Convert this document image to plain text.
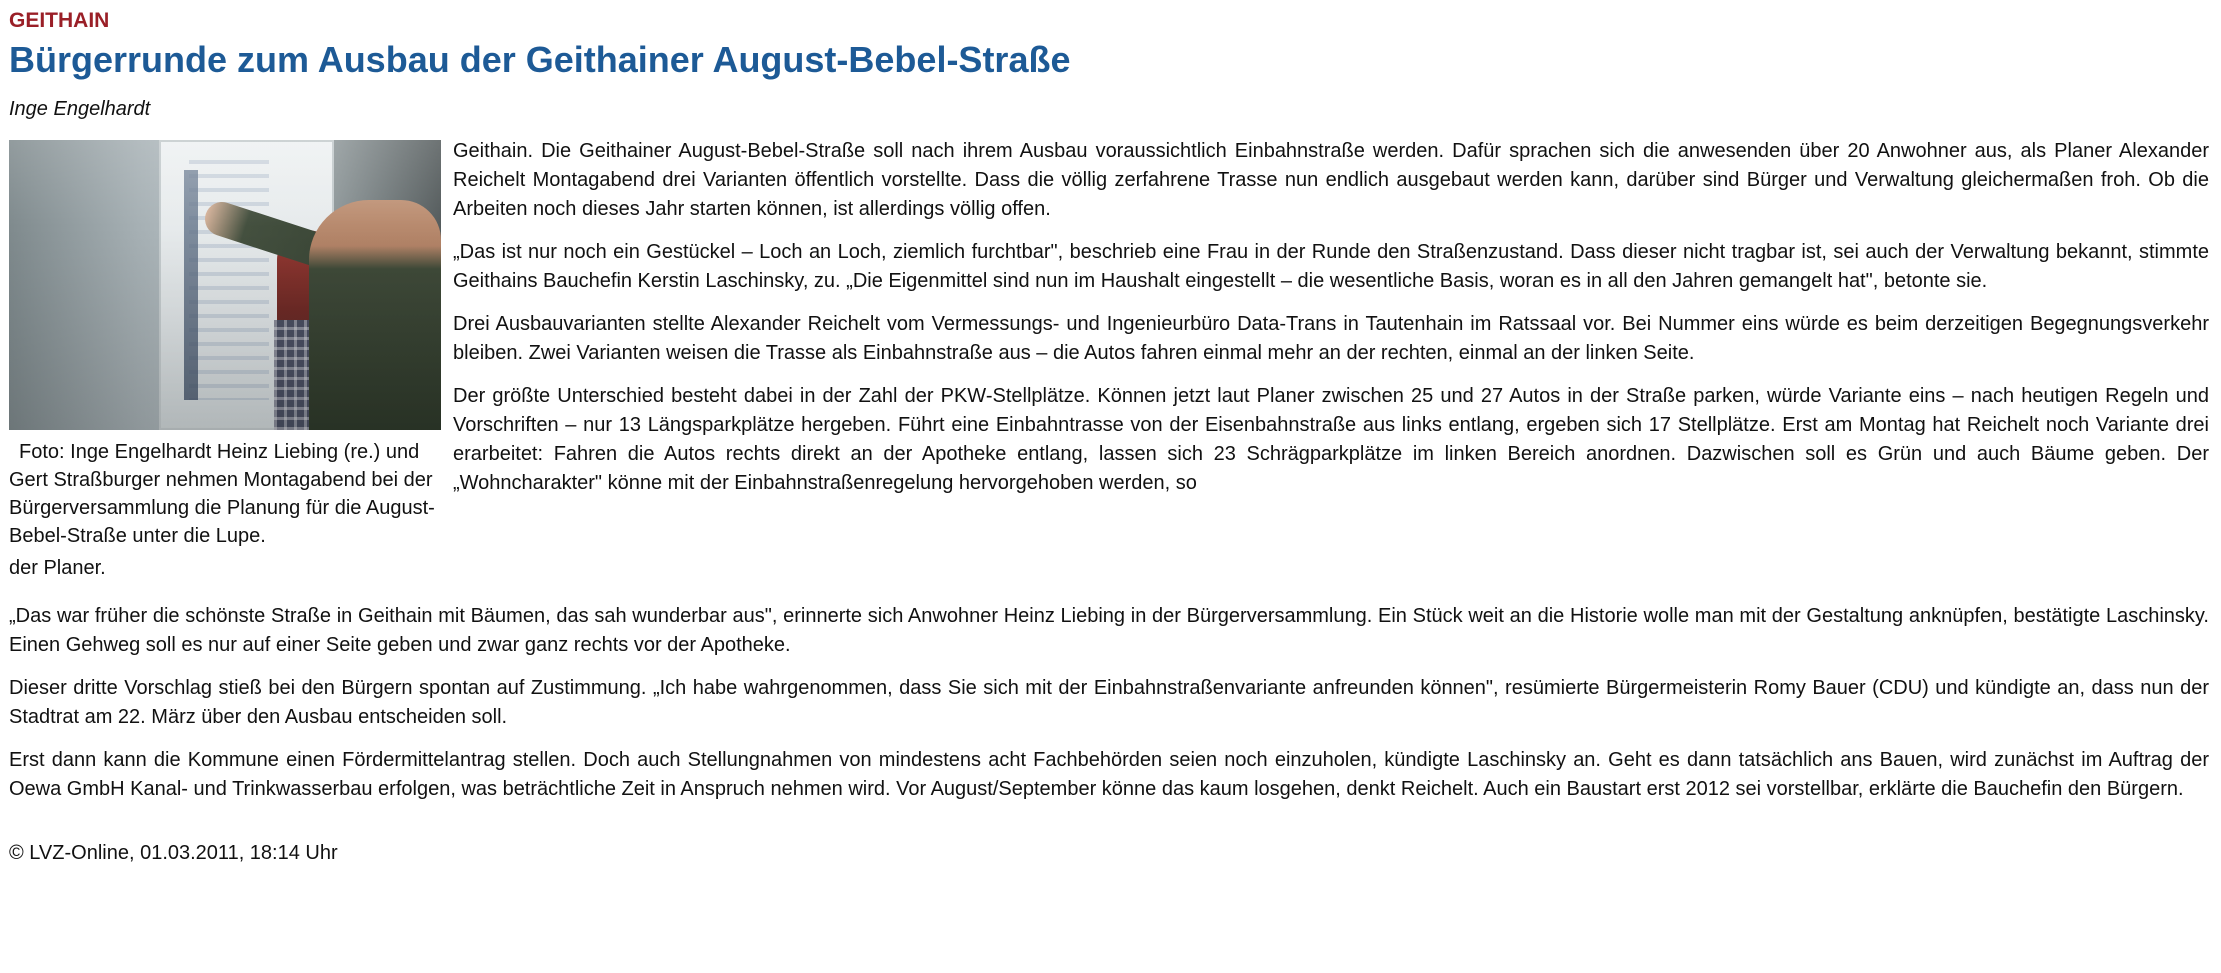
GEITHAIN
Bürgerrunde zum Ausbau der Geithainer August-Bebel-Straße
Inge Engelhardt
Foto: Inge Engelhardt Heinz Liebing (re.) und Gert Straßburger nehmen Montagabend bei der Bürgerversammlung die Planung für die August-Bebel-Straße unter die Lupe.
der Planer.

Geithain. Die Geithainer August-Bebel-Straße soll nach ihrem Ausbau voraussichtlich Einbahnstraße werden. Dafür sprachen sich die anwesenden über 20 Anwohner aus, als Planer Alexander Reichelt Montagabend drei Varianten öffentlich vorstellte. Dass die völlig zerfahrene Trasse nun endlich ausgebaut werden kann, darüber sind Bürger und Verwaltung gleichermaßen froh. Ob die Arbeiten noch dieses Jahr starten können, ist allerdings völlig offen.

„Das ist nur noch ein Gestückel – Loch an Loch, ziemlich furchtbar", beschrieb eine Frau in der Runde den Straßenzustand. Dass dieser nicht tragbar ist, sei auch der Verwaltung bekannt, stimmte Geithains Bauchefin Kerstin Laschinsky, zu. „Die Eigenmittel sind nun im Haushalt eingestellt – die wesentliche Basis, woran es in all den Jahren gemangelt hat", betonte sie.

Drei Ausbauvarianten stellte Alexander Reichelt vom Vermessungs- und Ingenieurbüro Data-Trans in Tautenhain im Ratssaal vor. Bei Nummer eins würde es beim derzeitigen Begegnungsverkehr bleiben. Zwei Varianten weisen die Trasse als Einbahnstraße aus – die Autos fahren einmal mehr an der rechten, einmal an der linken Seite.

Der größte Unterschied besteht dabei in der Zahl der PKW-Stellplätze. Können jetzt laut Planer zwischen 25 und 27 Autos in der Straße parken, würde Variante eins – nach heutigen Regeln und Vorschriften – nur 13 Längsparkplätze hergeben. Führt eine Einbahntrasse von der Eisenbahnstraße aus links entlang, ergeben sich 17 Stellplätze. Erst am Montag hat Reichelt noch Variante drei erarbeitet: Fahren die Autos rechts direkt an der Apotheke entlang, lassen sich 23 Schrägparkplätze im linken Bereich anordnen. Dazwischen soll es Grün und auch Bäume geben. Der „Wohncharakter" könne mit der Einbahnstraßenregelung hervorgehoben werden, so

„Das war früher die schönste Straße in Geithain mit Bäumen, das sah wunderbar aus", erinnerte sich Anwohner Heinz Liebing in der Bürgerversammlung. Ein Stück weit an die Historie wolle man mit der Gestaltung anknüpfen, bestätigte Laschinsky. Einen Gehweg soll es nur auf einer Seite geben und zwar ganz rechts vor der Apotheke.

Dieser dritte Vorschlag stieß bei den Bürgern spontan auf Zustimmung. „Ich habe wahrgenommen, dass Sie sich mit der Einbahnstraßenvariante anfreunden können", resümierte Bürgermeisterin Romy Bauer (CDU) und kündigte an, dass nun der Stadtrat am 22. März über den Ausbau entscheiden soll.

Erst dann kann die Kommune einen Fördermittelantrag stellen. Doch auch Stellungnahmen von mindestens acht Fachbehörden seien noch einzuholen, kündigte Laschinsky an. Geht es dann tatsächlich ans Bauen, wird zunächst im Auftrag der Oewa GmbH Kanal- und Trinkwasserbau erfolgen, was beträchtliche Zeit in Anspruch nehmen wird. Vor August/September könne das kaum losgehen, denkt Reichelt. Auch ein Baustart erst 2012 sei vorstellbar, erklärte die Bauchefin den Bürgern.

© LVZ-Online, 01.03.2011, 18:14 Uhr
